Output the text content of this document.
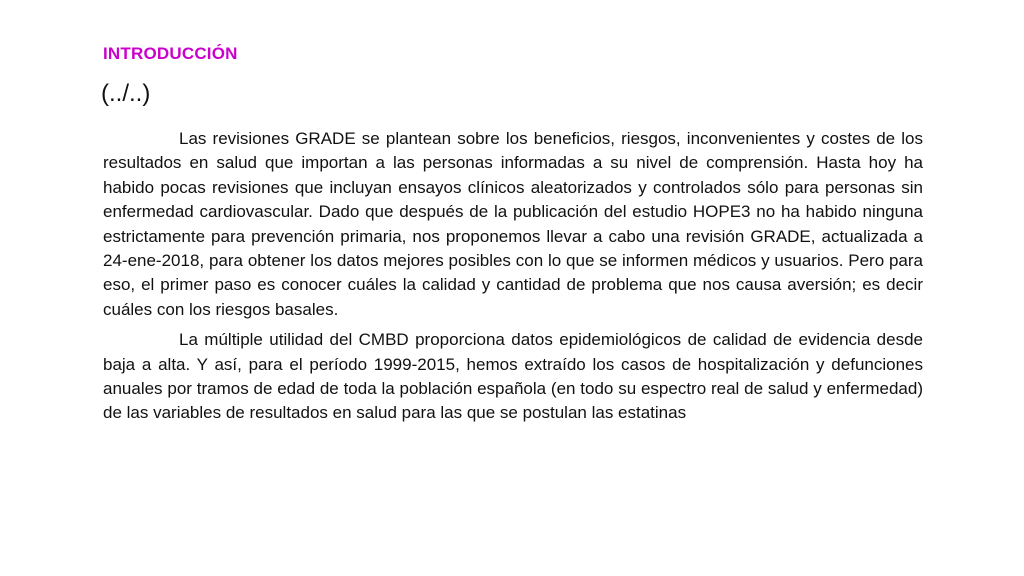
INTRODUCCIÓN
(../..)

Las revisiones GRADE se plantean sobre los beneficios, riesgos, inconvenientes y costes de los resultados en salud que importan a las personas informadas a su nivel de comprensión. Hasta hoy ha habido pocas revisiones que incluyan ensayos clínicos aleatorizados y controlados sólo para personas sin enfermedad cardiovascular. Dado que después de la publicación del estudio HOPE3 no ha habido ninguna estrictamente para prevención primaria, nos proponemos llevar a cabo una revisión GRADE, actualizada a 24-ene-2018, para obtener los datos mejores posibles con lo que se informen médicos y usuarios. Pero para eso, el primer paso es conocer cuáles la calidad y cantidad de problema que nos causa aversión; es decir cuáles con los riesgos basales.

La múltiple utilidad del CMBD proporciona datos epidemiológicos de calidad de evidencia desde baja a alta. Y así, para el período 1999-2015, hemos extraído los casos de hospitalización y defunciones anuales por tramos de edad de toda la población española (en todo su espectro real de salud y enfermedad) de las variables de resultados en salud para las que se postulan las estatinas
